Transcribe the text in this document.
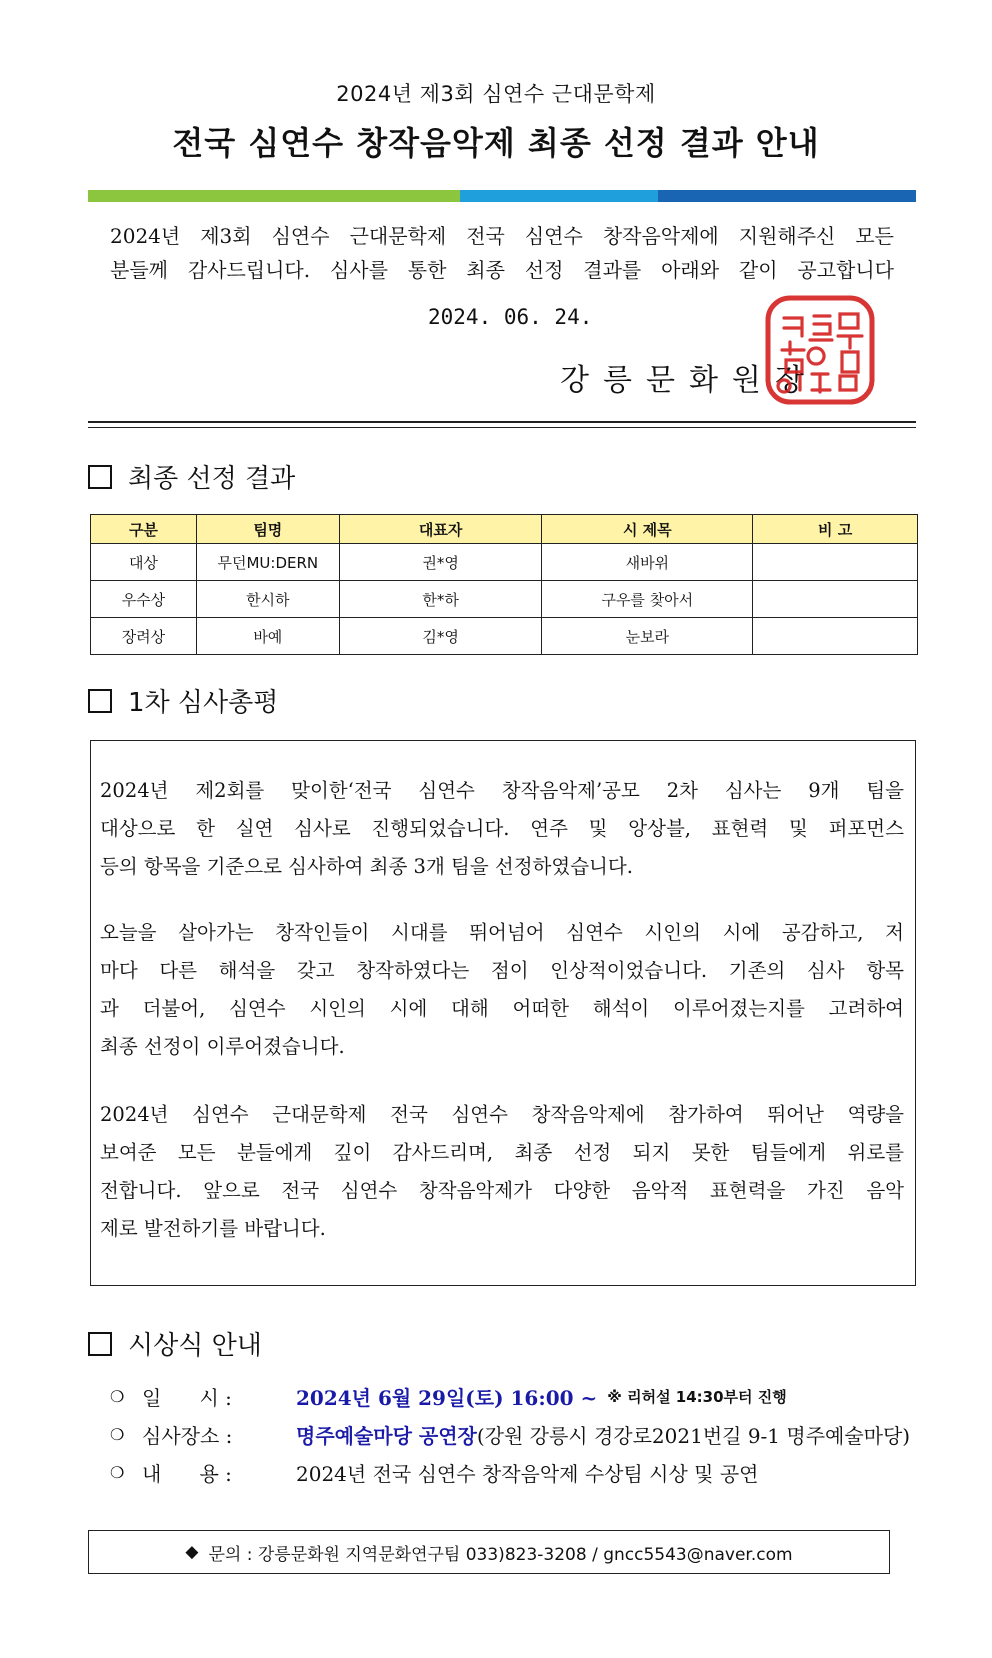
2024년 제3회 심연수 근대문학제
전국 심연수 창작음악제 최종 선정 결과 안내
2024년 제3회 심연수 근대문학제 전국 심연수 창작음악제에 지원해주신 모든
분들께 감사드립니다. 심사를 통한 최종 선정 결과를 아래와 같이 공고합니다
2024. 06. 24.
강릉문화원장
최종 선정 결과
구분	팀명	대표자	시 제목	비 고
대상	무던MU:DERN	권*영	새바위	
우수상	한시하	한*하	구우를 찾아서	
장려상	바예	김*영	눈보라	
1차 심사총평
2024년 제2회를 맞이한‘전국 심연수 창작음악제’공모 2차 심사는 9개 팀을
대상으로 한 실연 심사로 진행되었습니다. 연주 및 앙상블, 표현력 및 퍼포먼스
등의 항목을 기준으로 심사하여 최종 3개 팀을 선정하였습니다.
오늘을 살아가는 창작인들이 시대를 뛰어넘어 심연수 시인의 시에 공감하고, 저
마다 다른 해석을 갖고 창작하였다는 점이 인상적이었습니다. 기존의 심사 항목
과 더불어, 심연수 시인의 시에 대해 어떠한 해석이 이루어졌는지를 고려하여
최종 선정이 이루어졌습니다.
2024년 심연수 근대문학제 전국 심연수 창작음악제에 참가하여 뛰어난 역량을
보여준 모든 분들에게 깊이 감사드리며, 최종 선정 되지 못한 팀들에게 위로를
전합니다. 앞으로 전국 심연수 창작음악제가 다양한 음악적 표현력을 가진 음악
제로 발전하기를 바랍니다.
시상식 안내
❍ 일      시 :	2024년 6월 29일(토) 16:00 ~ ※ 리허설 14:30부터 진행
❍ 심사장소 :	명주예술마당 공연장 (강원 강릉시 경강로2021번길 9-1 명주예술마당)
❍ 내      용 :	2024년 전국 심연수 창작음악제 수상팀 시상 및 공연
◆ 문의 : 강릉문화원 지역문화연구팀 033)823-3208 / gncc5543@naver.com
